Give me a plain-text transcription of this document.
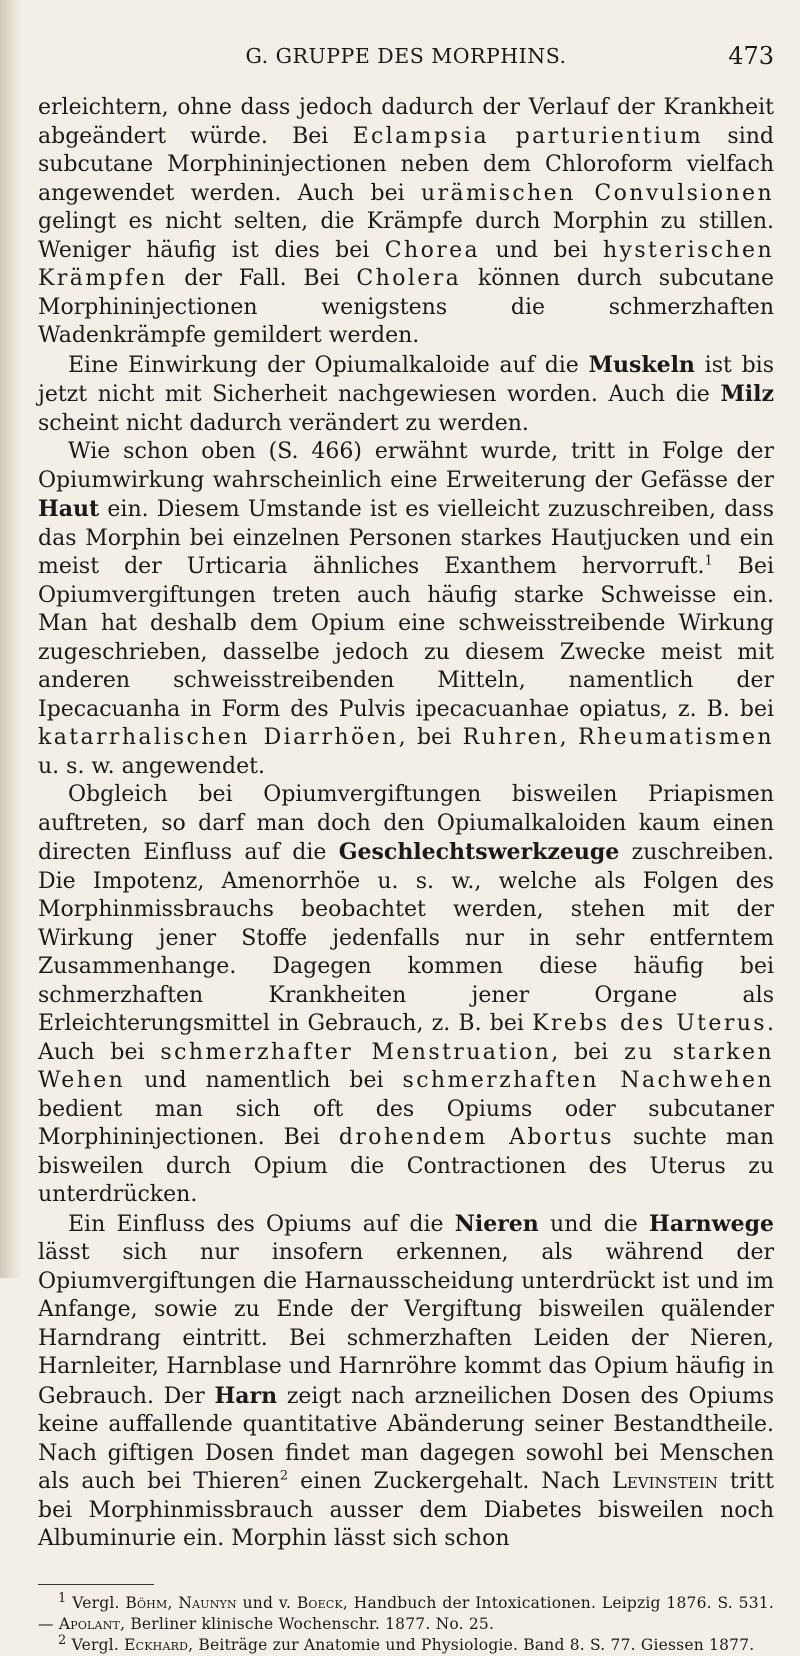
G. GRUPPE DES MORPHINS.	473

erleichtern, ohne dass jedoch dadurch der Verlauf der Krankheit abgeändert würde. Bei Eclampsia parturientium sind subcutane Morphininjectionen neben dem Chloroform vielfach angewendet werden. Auch bei urämischen Convulsionen gelingt es nicht selten, die Krämpfe durch Morphin zu stillen. Weniger häufig ist dies bei Chorea und bei hysterischen Krämpfen der Fall. Bei Cholera können durch subcutane Morphininjectionen wenigstens die schmerzhaften Wadenkrämpfe gemildert werden.

Eine Einwirkung der Opiumalkaloide auf die Muskeln ist bis jetzt nicht mit Sicherheit nachgewiesen worden. Auch die Milz scheint nicht dadurch verändert zu werden.

Wie schon oben (S. 466) erwähnt wurde, tritt in Folge der Opiumwirkung wahrscheinlich eine Erweiterung der Gefässe der Haut ein. Diesem Umstande ist es vielleicht zuzuschreiben, dass das Morphin bei einzelnen Personen starkes Hautjucken und ein meist der Urticaria ähnliches Exanthem hervorruft.$^1$ Bei Opiumvergiftungen treten auch häufig starke Schweisse ein. Man hat deshalb dem Opium eine schweisstreibende Wirkung zugeschrieben, dasselbe jedoch zu diesem Zwecke meist mit anderen schweisstreibenden Mitteln, namentlich der Ipecacuanha in Form des Pulvis ipecacuanhae opiatus, z. B. bei katarrhalischen Diarrhöen, bei Ruhren, Rheumatismen u. s. w. angewendet.

Obgleich bei Opiumvergiftungen bisweilen Priapismen auftreten, so darf man doch den Opiumalkaloiden kaum einen directen Einfluss auf die Geschlechtswerkzeuge zuschreiben. Die Impotenz, Amenorrhöe u. s. w., welche als Folgen des Morphinmissbrauchs beobachtet werden, stehen mit der Wirkung jener Stoffe jedenfalls nur in sehr entferntem Zusammenhange. Dagegen kommen diese häufig bei schmerzhaften Krankheiten jener Organe als Erleichterungsmittel in Gebrauch, z. B. bei Krebs des Uterus. Auch bei schmerzhafter Menstruation, bei zu starken Wehen und namentlich bei schmerzhaften Nachwehen bedient man sich oft des Opiums oder subcutaner Morphininjectionen. Bei drohendem Abortus suchte man bisweilen durch Opium die Contractionen des Uterus zu unterdrücken.

Ein Einfluss des Opiums auf die Nieren und die Harnwege lässt sich nur insofern erkennen, als während der Opiumvergiftungen die Harnausscheidung unterdrückt ist und im Anfange, sowie zu Ende der Vergiftung bisweilen quälender Harndrang eintritt. Bei schmerzhaften Leiden der Nieren, Harnleiter, Harnblase und Harnröhre kommt das Opium häufig in Gebrauch. Der Harn zeigt nach arzneilichen Dosen des Opiums keine auffallende quantitative Abänderung seiner Bestandtheile. Nach giftigen Dosen findet man dagegen sowohl bei Menschen als auch bei Thieren$^2$ einen Zuckergehalt. Nach Levinstein tritt bei Morphinmissbrauch ausser dem Diabetes bisweilen noch Albuminurie ein. Morphin lässt sich schon

$^1$ Vergl. Böhm, Naunyn und v. Boeck, Handbuch der Intoxicationen. Leipzig 1876. S. 531. — Apolant, Berliner klinische Wochenschr. 1877. No. 25.

$^2$ Vergl. Eckhard, Beiträge zur Anatomie und Physiologie. Band 8. S. 77. Giessen 1877.
